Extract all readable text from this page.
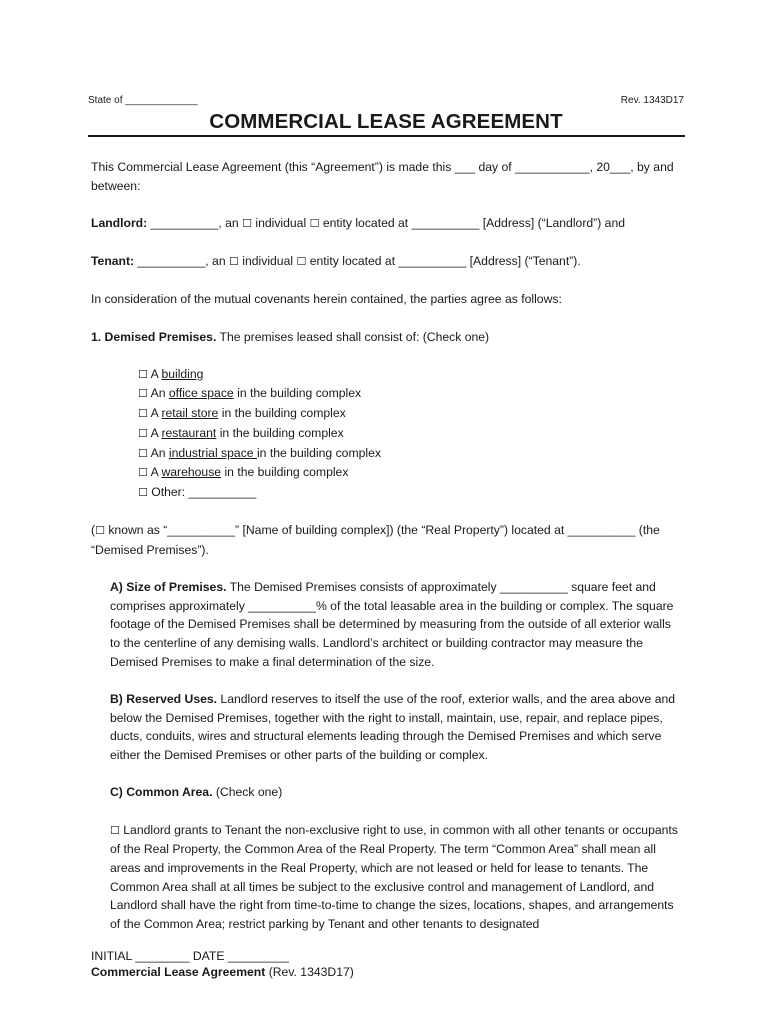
State of _____________	Rev. 1343D17
COMMERCIAL LEASE AGREEMENT

This Commercial Lease Agreement (this “Agreement”) is made this ___ day of ___________, 20___, by and between:

Landlord: __________, an ☐ individual ☐ entity located at __________ [Address] (“Landlord”) and

Tenant: __________, an ☐ individual ☐ entity located at __________ [Address] (“Tenant”).

In consideration of the mutual covenants herein contained, the parties agree as follows:

1. Demised Premises. The premises leased shall consist of: (Check one)

☐ A building
☐ An office space in the building complex
☐ A retail store in the building complex
☐ A restaurant in the building complex
☐ An industrial space in the building complex
☐ A warehouse in the building complex
☐ Other: __________

(☐ known as “__________” [Name of building complex]) (the “Real Property”) located at __________ (the “Demised Premises”).

A) Size of Premises. The Demised Premises consists of approximately __________ square feet and comprises approximately __________% of the total leasable area in the building or complex. The square footage of the Demised Premises shall be determined by measuring from the outside of all exterior walls to the centerline of any demising walls. Landlord’s architect or building contractor may measure the Demised Premises to make a final determination of the size.

B) Reserved Uses. Landlord reserves to itself the use of the roof, exterior walls, and the area above and below the Demised Premises, together with the right to install, maintain, use, repair, and replace pipes, ducts, conduits, wires and structural elements leading through the Demised Premises and which serve either the Demised Premises or other parts of the building or complex.

C) Common Area. (Check one)

☐ Landlord grants to Tenant the non-exclusive right to use, in common with all other tenants or occupants of the Real Property, the Common Area of the Real Property. The term “Common Area” shall mean all areas and improvements in the Real Property, which are not leased or held for lease to tenants. The Common Area shall at all times be subject to the exclusive control and management of Landlord, and Landlord shall have the right from time-to-time to change the sizes, locations, shapes, and arrangements of the Common Area; restrict parking by Tenant and other tenants to designated

INITIAL ________ DATE _________
Commercial Lease Agreement (Rev. 1343D17)
